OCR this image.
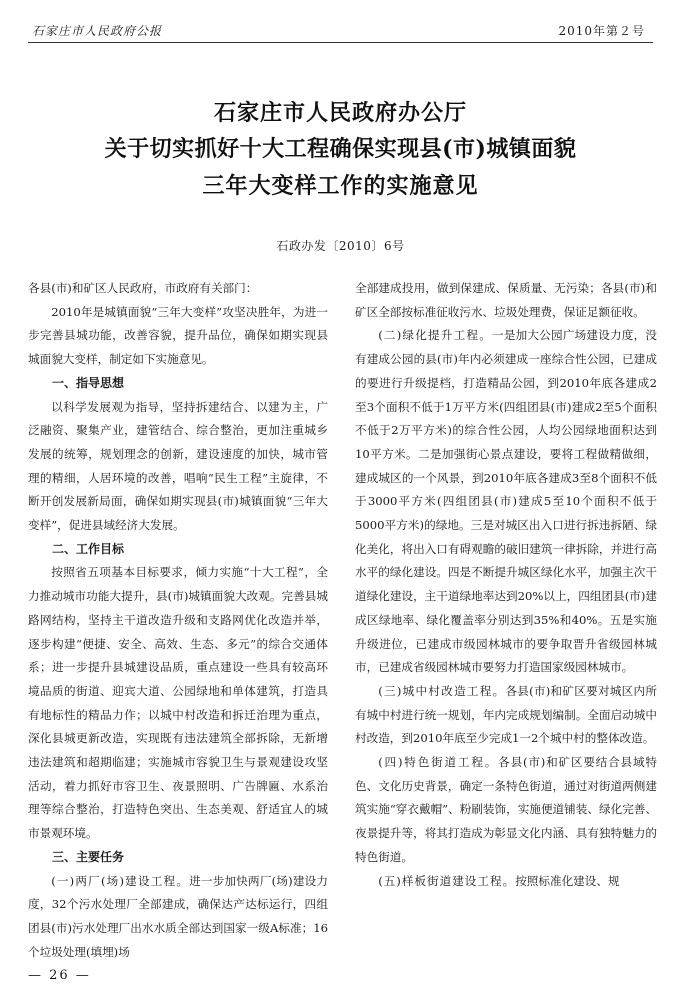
石家庄市人民政府公报	2010年第２号
石家庄市人民政府办公厅
关于切实抓好十大工程确保实现县(市)城镇面貌
三年大变样工作的实施意见
石政办发〔2010〕6号

各县(市)和矿区人民政府，市政府有关部门：

2010年是城镇面貌“三年大变样”攻坚决胜年，为进一步完善县城功能，改善容貌，提升品位，确保如期实现县城面貌大变样，制定如下实施意见。

一、指导思想

以科学发展观为指导，坚持拆建结合、以建为主，广泛融资、聚集产业，建管结合、综合整治，更加注重城乡发展的统筹，规划理念的创新，建设速度的加快，城市管理的精细，人居环境的改善，唱响“民生工程”主旋律，不断开创发展新局面，确保如期实现县(市)城镇面貌“三年大变样”，促进县域经济大发展。

二、工作目标

按照省五项基本目标要求，倾力实施“十大工程”，全力推动城市功能大提升，县(市)城镇面貌大改观。完善县城路网结构，坚持主干道改造升级和支路网优化改造并举，逐步构建“便捷、安全、高效、生态、多元”的综合交通体系；进一步提升县城建设品质，重点建设一些具有较高环境品质的街道、迎宾大道、公园绿地和单体建筑，打造具有地标性的精品力作；以城中村改造和拆迁治理为重点，深化县城更新改造，实现既有违法建筑全部拆除，无新增违法建筑和超期临建；实施城市容貌卫生与景观建设攻坚活动，着力抓好市容卫生、夜景照明、广告牌匾、水系治理等综合整治，打造特色突出、生态美观、舒适宜人的城市景观环境。

三、主要任务

(一)两厂(场)建设工程。进一步加快两厂(场)建设力度，32个污水处理厂全部建成，确保达产达标运行，四组团县(市)污水处理厂出水水质全部达到国家一级A标准；16个垃圾处理(填埋)场

全部建成投用，做到保建成、保质量、无污染；各县(市)和矿区全部按标准征收污水、垃圾处理费，保证足额征收。

(二)绿化提升工程。一是加大公园广场建设力度，没有建成公园的县(市)年内必须建成一座综合性公园，已建成的要进行升级提档，打造精品公园，到2010年底各建成2至3个面积不低于1万平方米(四组团县(市)建成2至5个面积不低于2万平方米)的综合性公园，人均公园绿地面积达到10平方米。二是加强街心景点建设，要将工程做精做细，建成城区的一个风景，到2010年底各建成3至8个面积不低于3000平方米(四组团县(市)建成5至10个面积不低于5000平方米)的绿地。三是对城区出入口进行拆违拆陋、绿化美化，将出入口有碍观瞻的破旧建筑一律拆除，并进行高水平的绿化建设。四是不断提升城区绿化水平，加强主次干道绿化建设，主干道绿地率达到20%以上，四组团县(市)建成区绿地率、绿化覆盖率分别达到35%和40%。五是实施升级进位，已建成市级园林城市的要争取晋升省级园林城市，已建成省级园林城市要努力打造国家级园林城市。

(三)城中村改造工程。各县(市)和矿区要对城区内所有城中村进行统一规划，年内完成规划编制。全面启动城中村改造，到2010年底至少完成1一2个城中村的整体改造。

(四)特色街道工程。各县(市)和矿区要结合县域特色、文化历史背景，确定一条特色街道，通过对街道两侧建筑实施“穿衣戴帽”、粉刷装饰，实施便道铺装、绿化完善、夜景提升等，将其打造成为彰显文化内涵、具有独特魅力的特色街道。

(五)样板街道建设工程。按照标准化建设、规

— 26 —
